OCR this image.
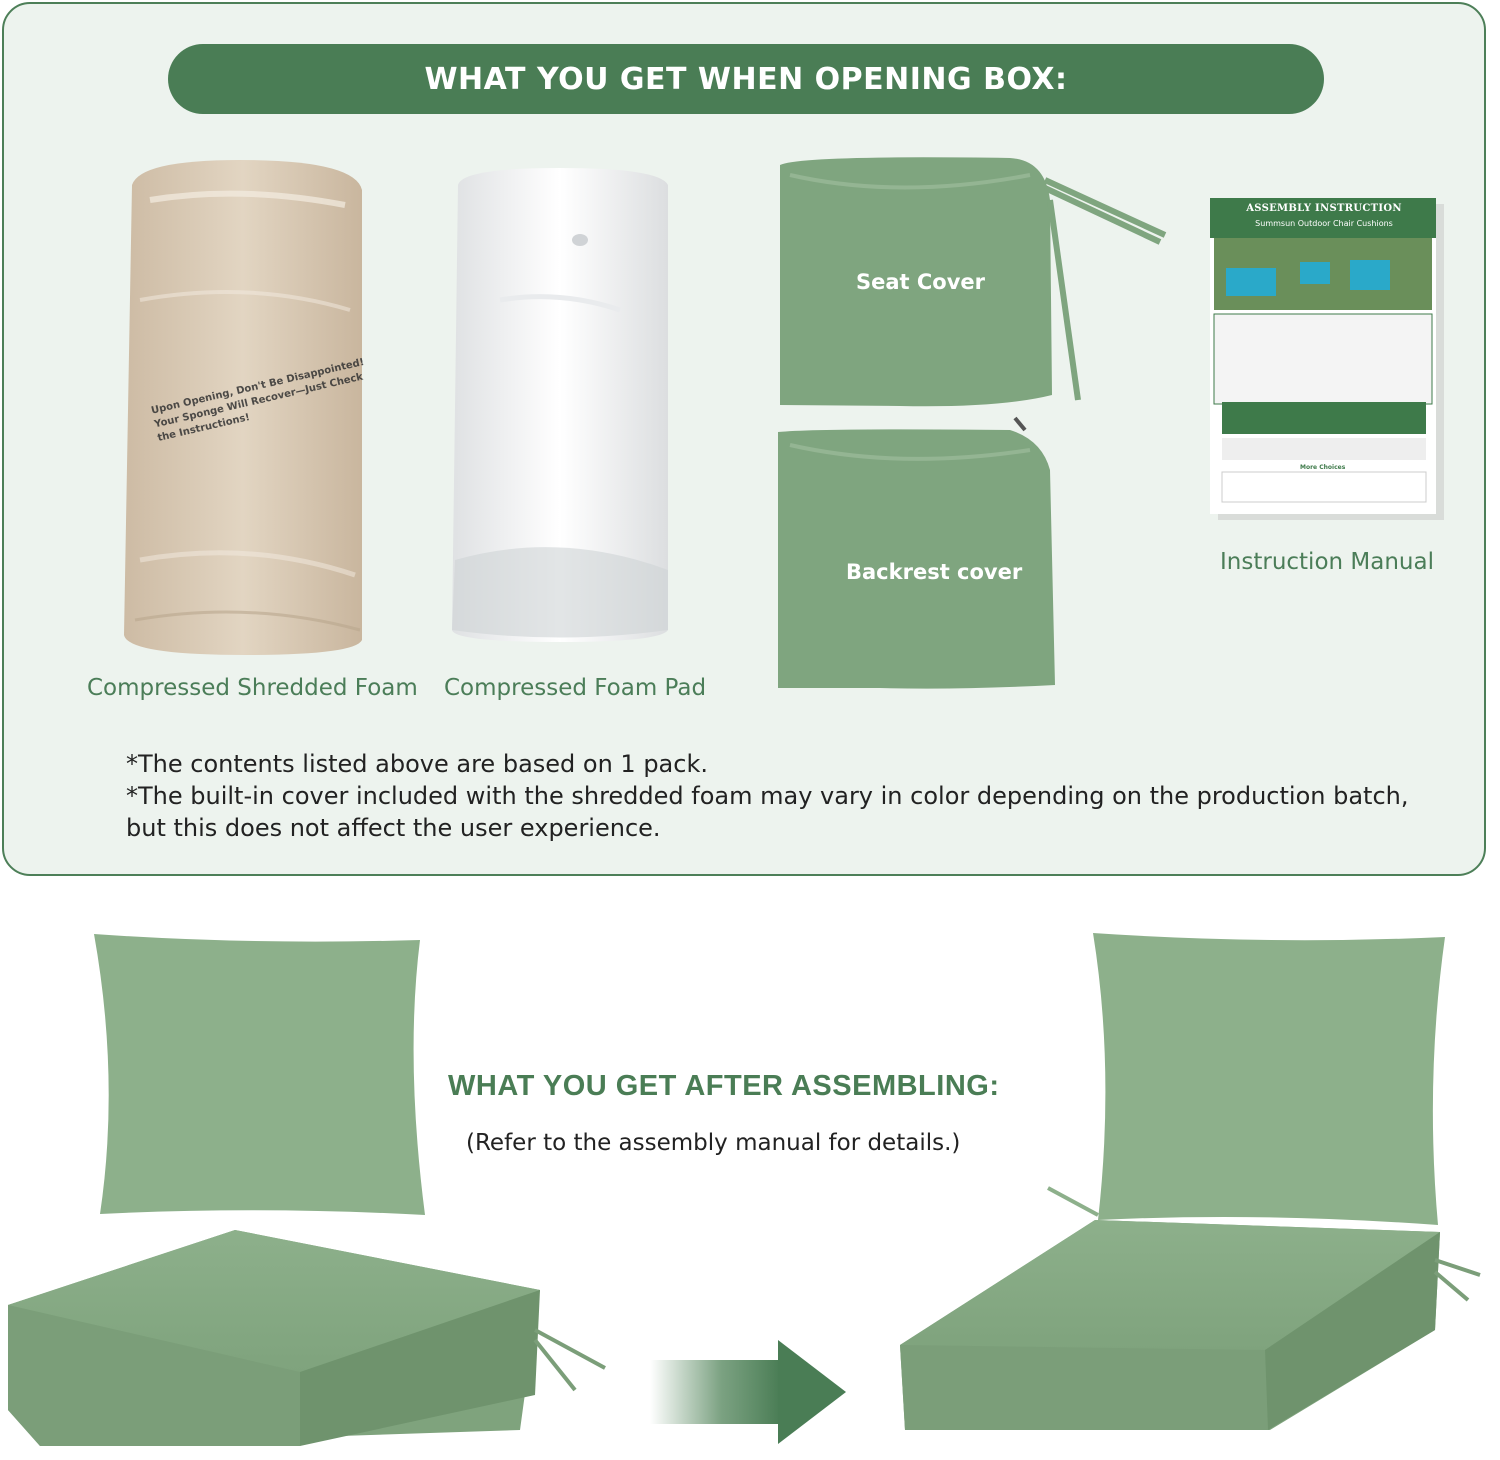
WHAT YOU GET WHEN OPENING BOX:
Upon Opening, Don't Be Disappointed! Your Sponge Will Recover—Just Check the Instructions!
ASSEMBLY INSTRUCTION
Summsun Outdoor Chair Cushions
More Choices
Compressed Shredded Foam Compressed Foam Pad
Seat Cover
Backrest cover	Instruction Manual
*The contents listed above are based on 1 pack.
*The built-in cover included with the shredded foam may vary in color depending on the production batch, but this does not affect the user experience.
WHAT YOU GET AFTER ASSEMBLING:
(Refer to the assembly manual for details.)
